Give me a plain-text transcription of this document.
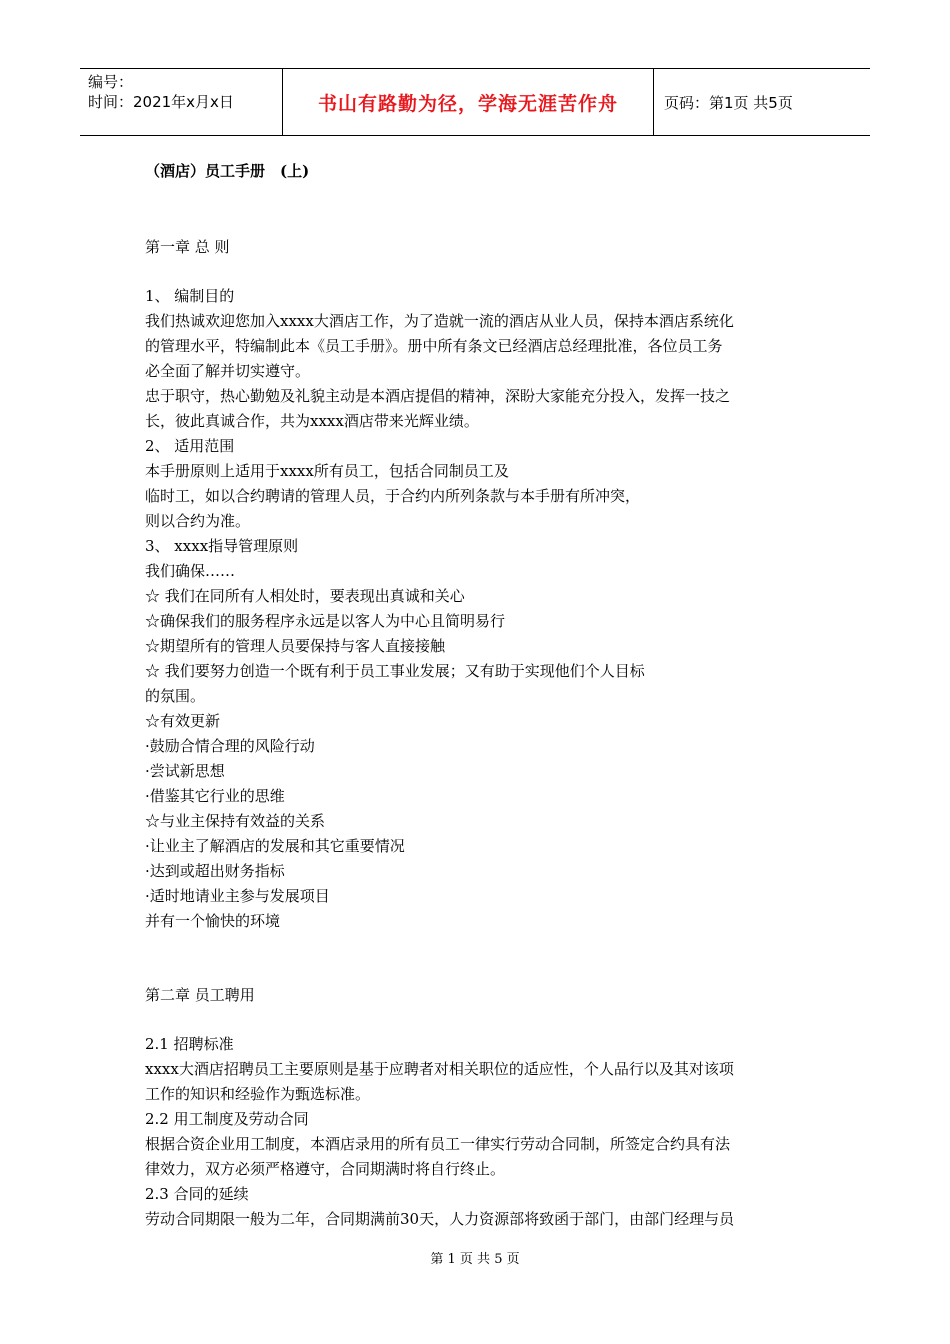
编号：
时间：2021年x月x日	书山有路勤为径，学海无涯苦作舟	页码：第1页 共5页
（酒店）员工手册　(上)
第一章 总 则

1、 编制目的

我们热诚欢迎您加入xxxx大酒店工作，为了造就一流的酒店从业人员，保持本酒店系统化

的管理水平，特编制此本《员工手册》。册中所有条文已经酒店总经理批准，各位员工务

必全面了解并切实遵守。

忠于职守，热心勤勉及礼貌主动是本酒店提倡的精神，深盼大家能充分投入，发挥一技之

长，彼此真诚合作，共为xxxx酒店带来光辉业绩。

2、 适用范围

本手册原则上适用于xxxx所有员工，包括合同制员工及

临时工，如以合约聘请的管理人员，于合约内所列条款与本手册有所冲突，

则以合约为准。

3、 xxxx指导管理原则

我们确保……

☆ 我们在同所有人相处时，要表现出真诚和关心

☆确保我们的服务程序永远是以客人为中心且简明易行

☆期望所有的管理人员要保持与客人直接接触

☆ 我们要努力创造一个既有利于员工事业发展；又有助于实现他们个人目标

的氛围。

☆有效更新

·鼓励合情合理的风险行动

·尝试新思想

·借鉴其它行业的思维

☆与业主保持有效益的关系

·让业主了解酒店的发展和其它重要情况

·达到或超出财务指标

·适时地请业主参与发展项目

并有一个愉快的环境

第二章 员工聘用

2.1 招聘标准

xxxx大酒店招聘员工主要原则是基于应聘者对相关职位的适应性，个人品行以及其对该项

工作的知识和经验作为甄选标准。

2.2 用工制度及劳动合同

根据合资企业用工制度，本酒店录用的所有员工一律实行劳动合同制，所签定合约具有法

律效力，双方必须严格遵守，合同期满时将自行终止。

2.3 合同的延续

劳动合同期限一般为二年，合同期满前30天，人力资源部将致函于部门，由部门经理与员

第 1 页 共 5 页
